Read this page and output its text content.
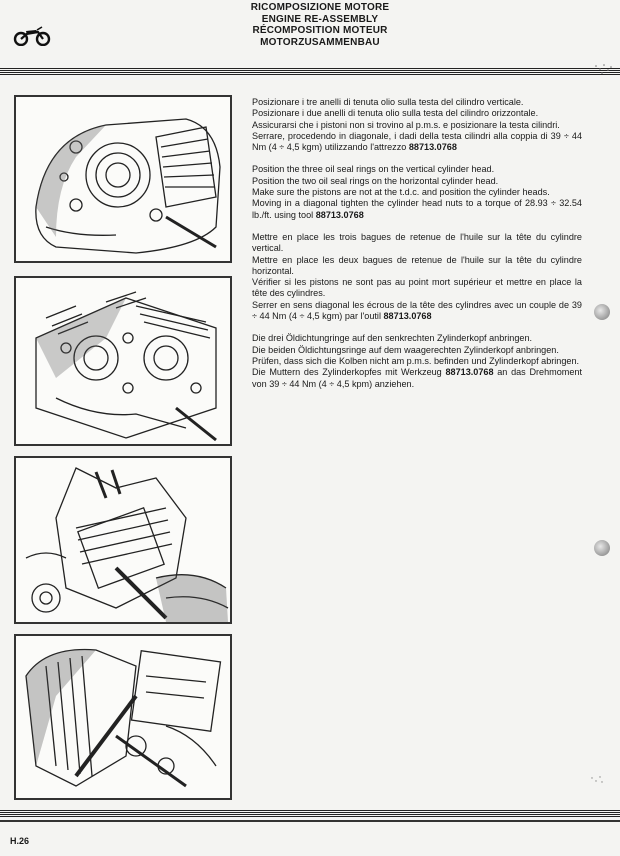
RICOMPOSIZIONE MOTORE
ENGINE RE-ASSEMBLY
RÉCOMPOSITION MOTEUR
MOTORZUSAMMENBAU

Posizionare i tre anelli di tenuta olio sulla testa del cilindro verticale.
Posizionare i due anelli di tenuta olio sulla testa del cilindro orizzontale.
Assicurarsi che i pistoni non si trovino al p.m.s. e posizionare la testa cilindri.
Serrare, procedendo in diagonale, i dadi della testa cilindri alla coppia di 39 ÷ 44 Nm (4 ÷ 4,5 kgm) utilizzando l'attrezzo 88713.0768

Position the three oil seal rings on the vertical cylinder head.
Position the two oil seal rings on the horizontal cylinder head.
Make sure the pistons are not at the t.d.c. and position the cylinder heads.
Moving in a diagonal tighten the cylinder head nuts to a torque of 28.93 ÷ 32.54 lb./ft. using tool 88713.0768

Mettre en place les trois bagues de retenue de l'huile sur la tête du cylindre vertical.
Mettre en place les deux bagues de retenue de l'huile sur la tête du cylindre horizontal.
Vérifier si les pistons ne sont pas au point mort supérieur et mettre en place la tête des cylindres.
Serrer en sens diagonal les écrous de la tête des cylindres avec un couple de 39 ÷ 44 Nm (4 ÷ 4,5 kgm) par l'outil 88713.0768

Die drei Öldichtungringe auf den senkrechten Zylinderkopf anbringen.
Die beiden Öldichtungsringe auf dem waagerechten Zylinderkopf anbringen.
Prüfen, dass sich die Kolben nicht am p.m.s. befinden und Zylinderkopf abringen.
Die Muttern des Zylinderkopfes mit Werkzeug 88713.0768 an das Drehmoment von 39 ÷ 44 Nm (4 ÷ 4,5 kpm) anziehen.

H.26
